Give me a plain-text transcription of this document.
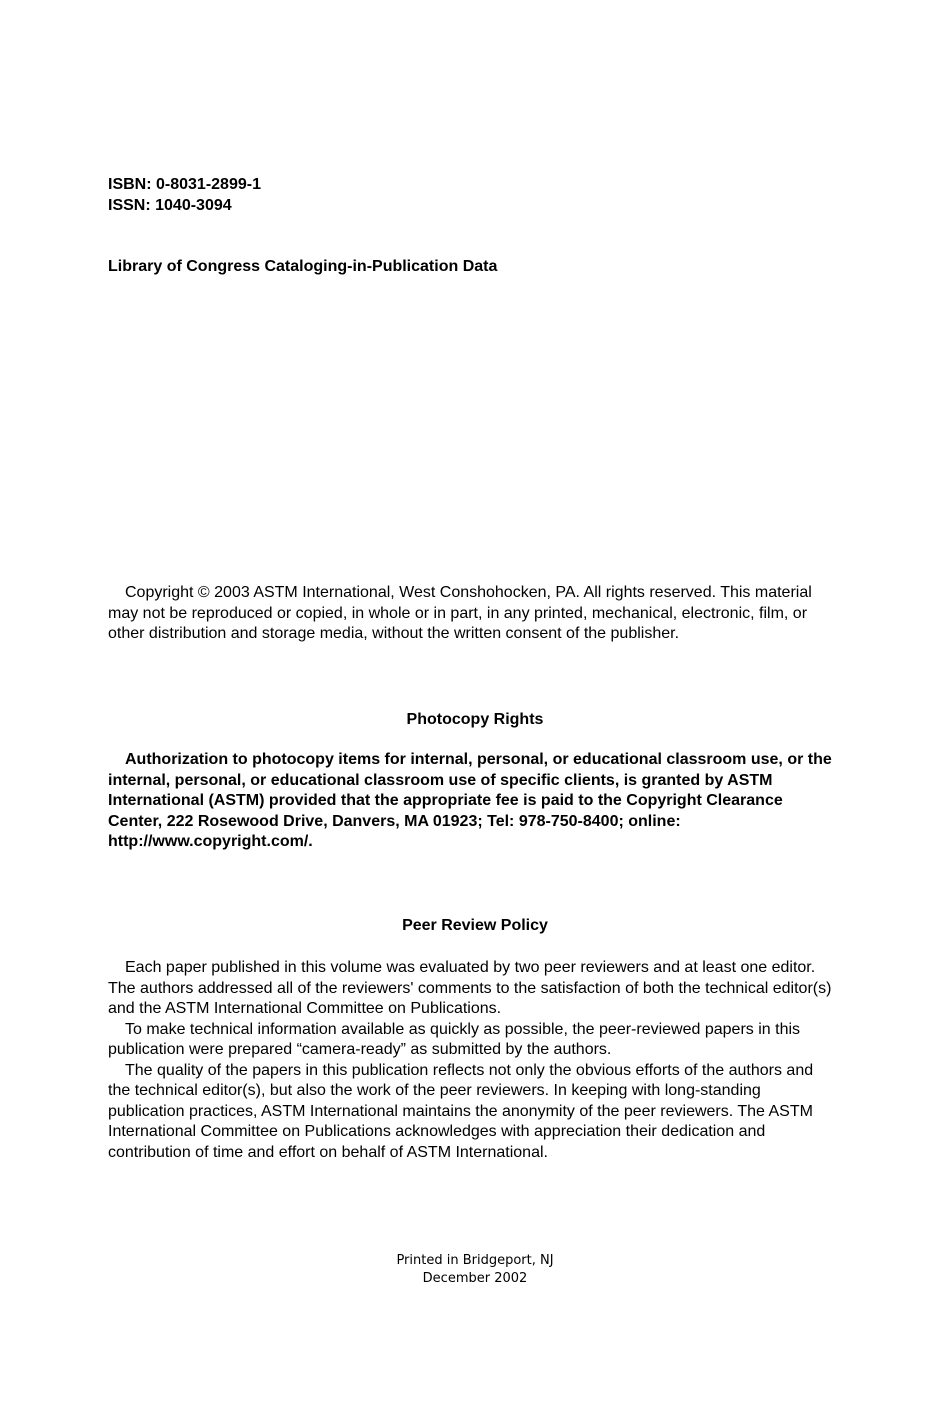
ISBN: 0-8031-2899-1
ISSN: 1040-3094
Library of Congress Cataloging-in-Publication Data

Copyright © 2003 ASTM International, West Conshohocken, PA. All rights reserved. This material may not be reproduced or copied, in whole or in part, in any printed, mechanical, electronic, film, or other distribution and storage media, without the written consent of the publisher.

Photocopy Rights

Authorization to photocopy items for internal, personal, or educational classroom use, or the internal, personal, or educational classroom use of specific clients, is granted by ASTM International (ASTM) provided that the appropriate fee is paid to the Copyright Clearance Center, 222 Rosewood Drive, Danvers, MA 01923; Tel: 978-750-8400; online: http://www.copyright.com/.

Peer Review Policy

Each paper published in this volume was evaluated by two peer reviewers and at least one editor. The authors addressed all of the reviewers' comments to the satisfaction of both the technical editor(s) and the ASTM International Committee on Publications.

To make technical information available as quickly as possible, the peer-reviewed papers in this publication were prepared “camera-ready” as submitted by the authors.

The quality of the papers in this publication reflects not only the obvious efforts of the authors and the technical editor(s), but also the work of the peer reviewers. In keeping with long-standing publication practices, ASTM International maintains the anonymity of the peer reviewers. The ASTM International Committee on Publications acknowledges with appreciation their dedication and contribution of time and effort on behalf of ASTM International.

Printed in Bridgeport, NJ
December 2002
